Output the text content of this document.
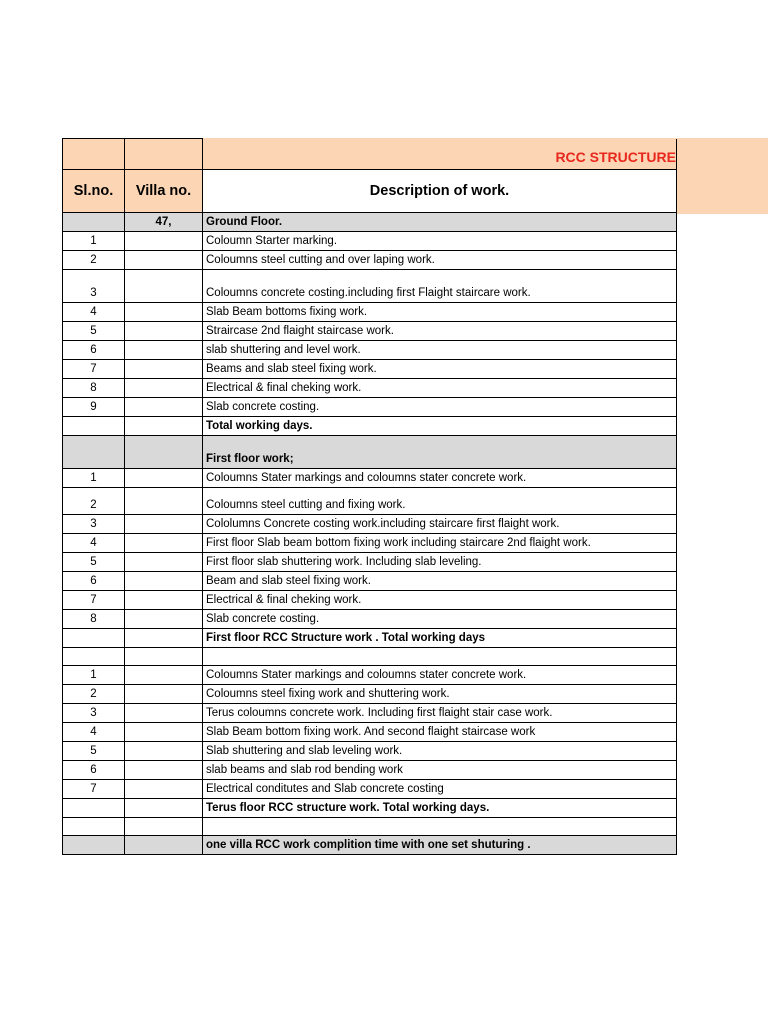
Sl.no.	Villa no.	Description of work.
	47,	Ground Floor.
1		Coloumn Starter marking.
2		Coloumns steel cutting and over laping work.
3		Coloumns concrete costing.including first Flaight staircare work.
4		Slab Beam bottoms fixing work.
5		Straircase 2nd flaight staircase work.
6		slab shuttering and level work.
7		Beams and slab steel fixing work.
8		Electrical & final cheking work.
9		Slab concrete costing.
		Total working days.
		First floor work;
1		Coloumns Stater markings and coloumns stater concrete work.
2		Coloumns steel cutting and fixing work.
3		Cololumns Concrete costing work.including staircare first flaight work.
4		First floor Slab beam bottom fixing work including staircare 2nd flaight work.
5		First floor slab shuttering work. Including slab leveling.
6		Beam and slab steel fixing work.
7		Electrical & final cheking work.
8		Slab concrete costing.
		First floor RCC Structure work . Total working days

1		Coloumns Stater markings and coloumns stater concrete work.
2		Coloumns steel fixing work and shuttering work.
3		Terus coloumns concrete work. Including first flaight stair case work.
4		Slab Beam bottom fixing work. And second flaight staircase work
5		Slab shuttering and slab leveling work.
6		slab beams and slab rod bending work
7		Electrical conditutes and Slab concrete costing
		Terus floor RCC structure work. Total working days.

		one villa RCC work complition time with one set shuturing .
RCC STRUCTURE
